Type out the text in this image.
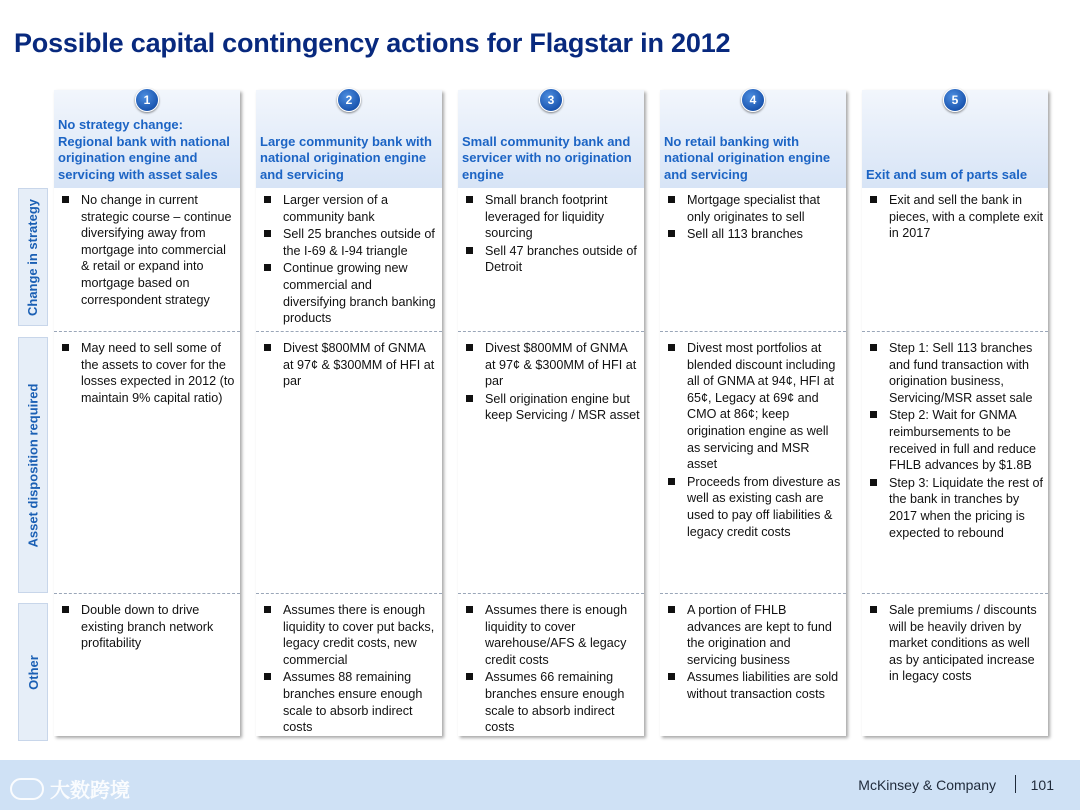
Possible capital contingency actions for Flagstar in 2012
Change in strategy
Asset disposition required
Other
1
No strategy change: Regional bank with national origination engine and servicing with asset sales
No change in current strategic course – continue diversifying away from mortgage into commercial & retail or expand into mortgage based on correspondent strategy
May need to sell some of the assets to cover for the losses expected in 2012 (to maintain 9% capital ratio)
Double down to drive existing branch network profitability
2
Large community bank with national origination engine and servicing
Larger version of a community bank
Sell 25 branches outside of the I-69 & I-94 triangle
Continue growing new commercial and diversifying branch banking products
Divest $800MM of GNMA at 97¢ & $300MM of HFI at par
Assumes there is enough liquidity to cover put backs, legacy credit costs, new commercial
Assumes 88 remaining branches ensure enough scale to absorb indirect costs
3
Small community bank and servicer with no origination engine
Small branch footprint leveraged for liquidity sourcing
Sell 47 branches outside of Detroit
Divest $800MM of GNMA at 97¢ & $300MM of HFI at par
Sell origination engine but keep Servicing / MSR asset
Assumes there is enough liquidity to cover warehouse/AFS & legacy credit costs
Assumes 66 remaining branches ensure enough scale to absorb indirect costs
4
No retail banking with national origination engine and servicing
Mortgage specialist that only originates to sell
Sell all 113 branches
Divest most portfolios at blended discount including all of GNMA at 94¢, HFI at 65¢, Legacy at 69¢ and CMO at 86¢; keep origination engine as well as servicing and MSR asset
Proceeds from divesture as well as existing cash are used to pay off liabilities & legacy credit costs
A portion of FHLB advances are kept to fund the origination and servicing business
Assumes liabilities are sold without transaction costs
5
Exit and sum of parts sale
Exit and sell the bank in pieces, with a complete exit in 2017
Step 1: Sell 113 branches and fund transaction with origination business, Servicing/MSR asset sale
Step 2: Wait for GNMA reimbursements to be received in full and reduce FHLB advances by $1.8B
Step 3: Liquidate the rest of the bank in tranches by 2017 when the pricing is expected to rebound
Sale premiums / discounts will be heavily driven by market conditions as well as by anticipated increase in legacy costs
大数跨境	McKinsey & Company 101
